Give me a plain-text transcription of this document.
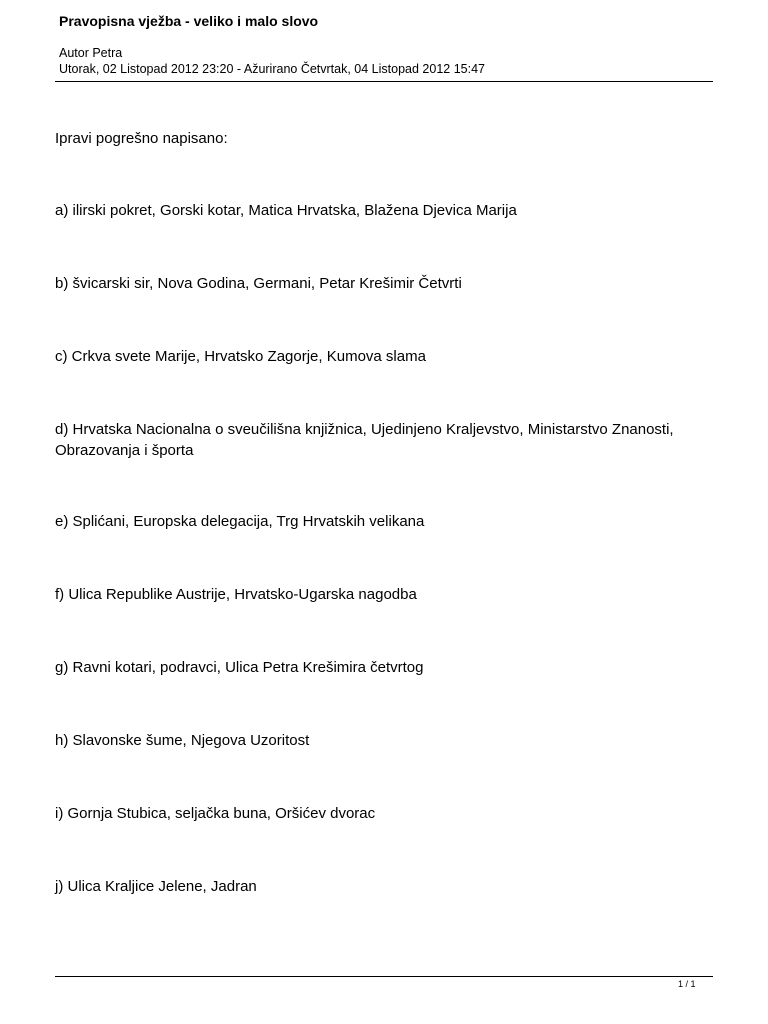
Pravopisna vježba - veliko i malo slovo
Autor Petra
Utorak, 02 Listopad 2012 23:20 - Ažurirano Četvrtak, 04 Listopad 2012 15:47
Ipravi pogrešno napisano:
a) ilirski pokret, Gorski kotar, Matica Hrvatska, Blažena Djevica Marija
b) švicarski sir, Nova Godina, Germani, Petar Krešimir Četvrti
c) Crkva svete Marije, Hrvatsko Zagorje, Kumova slama
d) Hrvatska Nacionalna o sveučilišna knjižnica, Ujedinjeno Kraljevstvo, Ministarstvo Znanosti, Obrazovanja i športa
e) Splićani, Europska delegacija, Trg Hrvatskih velikana
f) Ulica Republike Austrije, Hrvatsko-Ugarska nagodba
g) Ravni kotari, podravci, Ulica Petra Krešimira četvrtog
h) Slavonske šume, Njegova Uzoritost
i) Gornja Stubica, seljačka buna, Oršićev dvorac
j) Ulica Kraljice Jelene, Jadran
1 / 1
